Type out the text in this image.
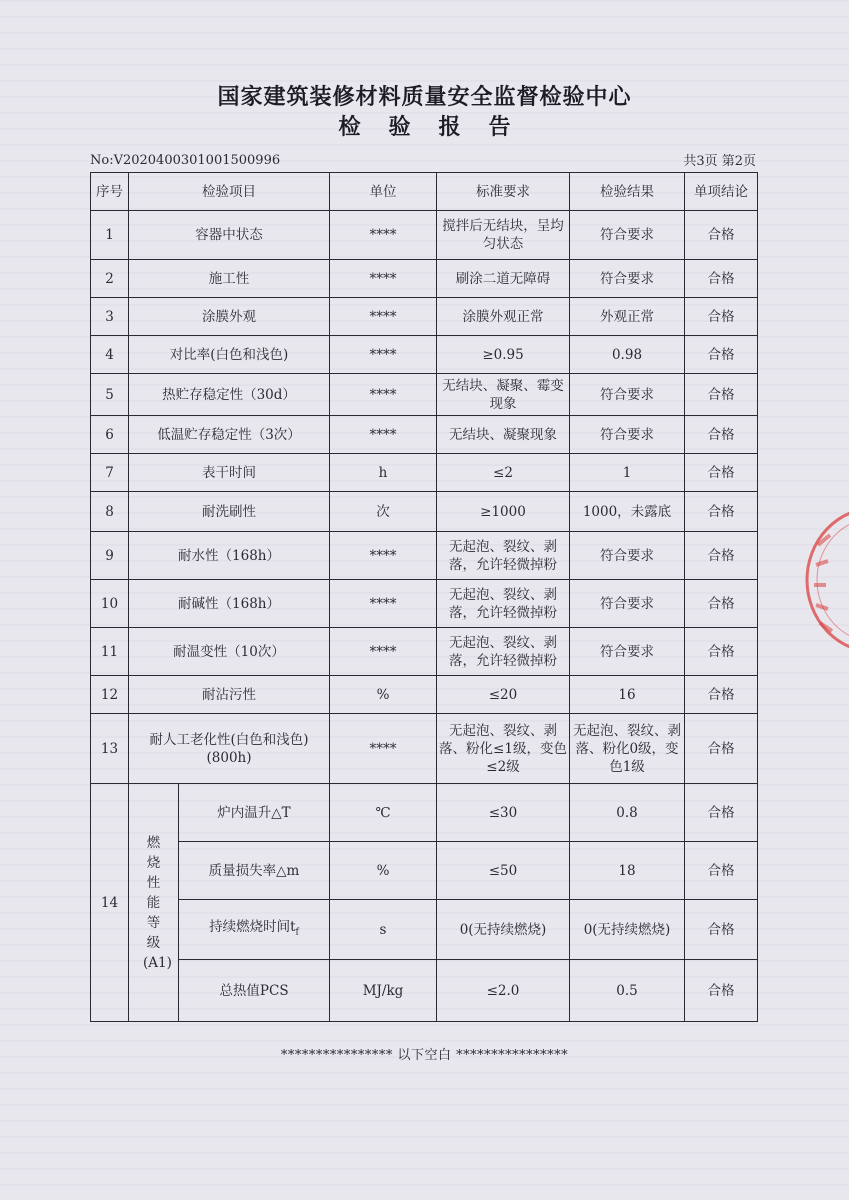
国家建筑装修材料质量安全监督检验中心
检验报告
No:V2020400301001500996	共3页 第2页
序号	检验项目		单位	标准要求	检验结果	单项结论
1	容器中状态		****	搅拌后无结块，呈均匀状态	符合要求	合格
2	施工性		****	刷涂二道无障碍	符合要求	合格
3	涂膜外观		****	涂膜外观正常	外观正常	合格
4	对比率(白色和浅色)		****	≥0.95	0.98	合格
5	热贮存稳定性（30d）		****	无结块、凝聚、霉变现象	符合要求	合格
6	低温贮存稳定性（3次）		****	无结块、凝聚现象	符合要求	合格
7	表干时间		h	≤2	1	合格
8	耐洗刷性		次	≥1000	1000，未露底	合格
9	耐水性（168h）		****	无起泡、裂纹、剥落，允许轻微掉粉	符合要求	合格
10	耐碱性（168h）		****	无起泡、裂纹、剥落，允许轻微掉粉	符合要求	合格
11	耐温变性（10次）		****	无起泡、裂纹、剥落，允许轻微掉粉	符合要求	合格
12	耐沾污性		%	≤20	16	合格
13	耐人工老化性(白色和浅色)(800h)		****	无起泡、裂纹、剥落、粉化≤1级，变色≤2级	无起泡、裂纹、剥落、粉化0级，变色1级	合格
14	燃烧性能等级(A1)	炉内温升△T	℃	≤30	0.8	合格
		质量损失率△m	%	≤50	18	合格
		持续燃烧时间$t_f$	s	0(无持续燃烧)	0(无持续燃烧)	合格
		总热值PCS	MJ/kg	≤2.0	0.5	合格
**************** 以下空白 ****************
